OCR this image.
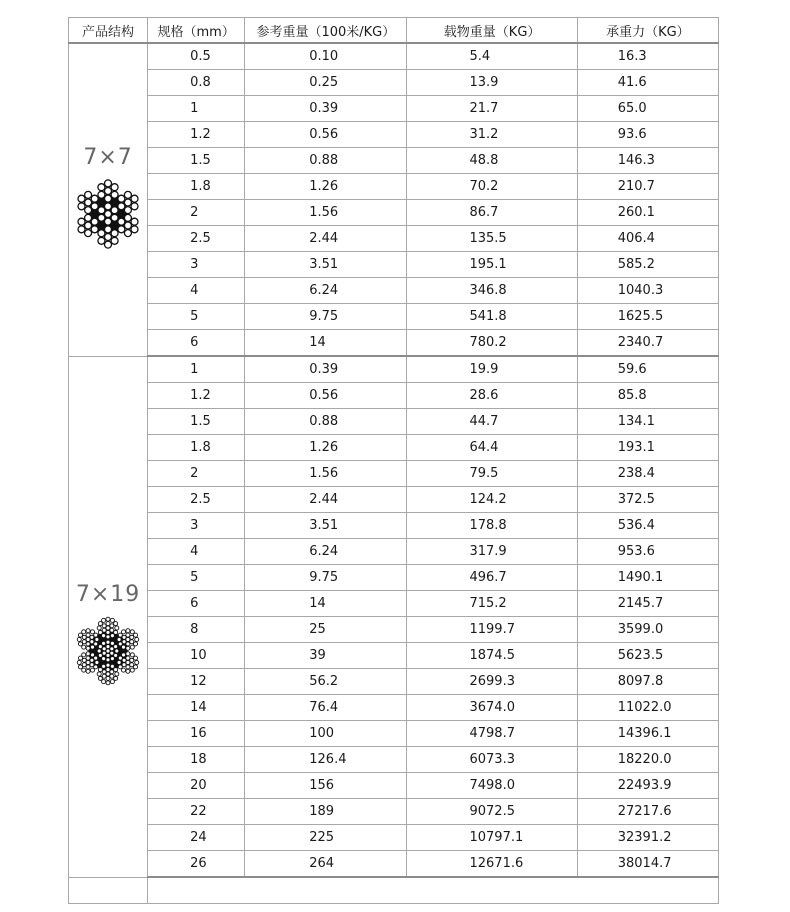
产品结构	规格（mm）	参考重量（100米/KG）	载物重量（KG）	承重力（KG）

7×7	0.5	0.10	5.4	16.3
	0.8	0.25	13.9	41.6
	1	0.39	21.7	65.0
	1.2	0.56	31.2	93.6
	1.5	0.88	48.8	146.3
	1.8	1.26	70.2	210.7
	2	1.56	86.7	260.1
	2.5	2.44	135.5	406.4
	3	3.51	195.1	585.2
	4	6.24	346.8	1040.3
	5	9.75	541.8	1625.5
	6	14	780.2	2340.7

7×19	1	0.39	19.9	59.6
	1.2	0.56	28.6	85.8
	1.5	0.88	44.7	134.1
	1.8	1.26	64.4	193.1
	2	1.56	79.5	238.4
	2.5	2.44	124.2	372.5
	3	3.51	178.8	536.4
	4	6.24	317.9	953.6
	5	9.75	496.7	1490.1
	6	14	715.2	2145.7
	8	25	1199.7	3599.0
	10	39	1874.5	5623.5
	12	56.2	2699.3	8097.8
	14	76.4	3674.0	11022.0
	16	100	4798.7	14396.1
	18	126.4	6073.3	18220.0
	20	156	7498.0	22493.9
	22	189	9072.5	27217.6
	24	225	10797.1	32391.2
	26	264	12671.6	38014.7
